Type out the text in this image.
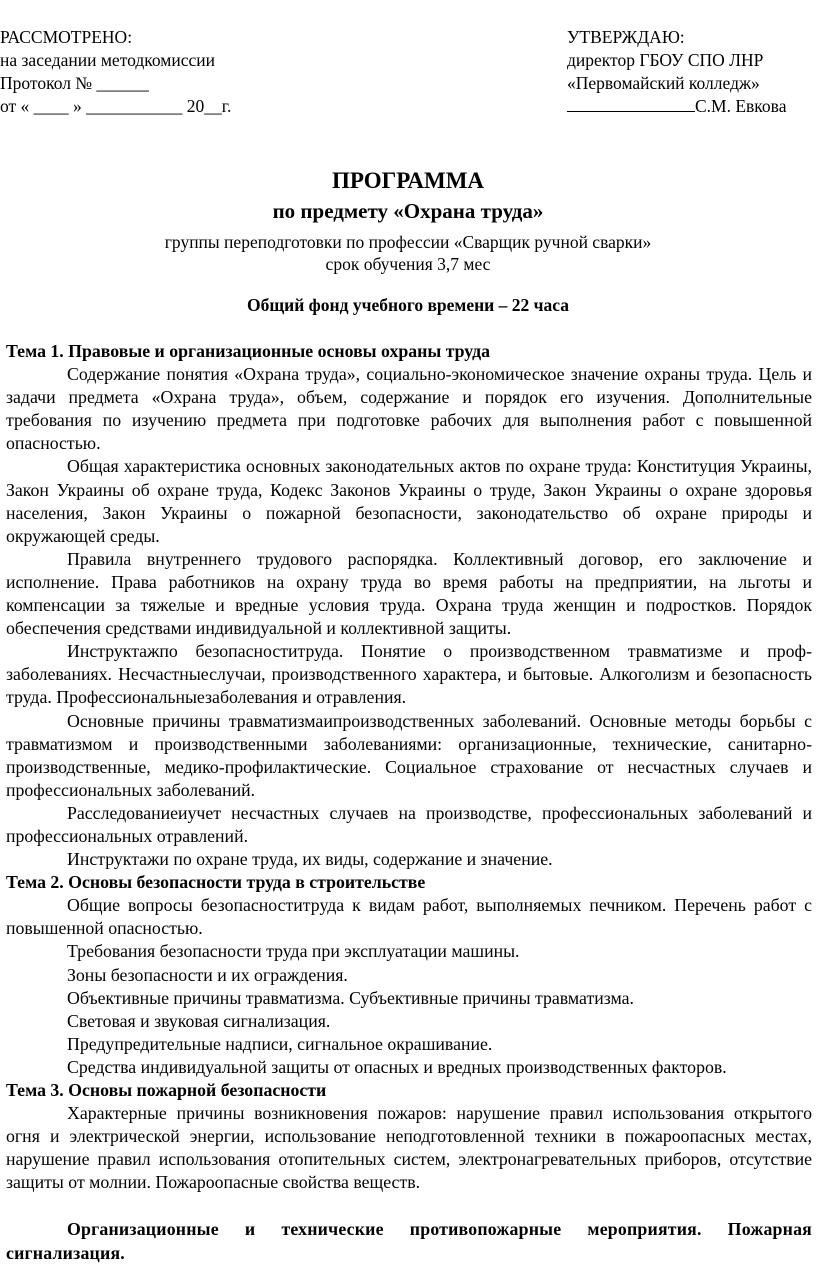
РАССМОТРЕНО:
на заседании методкомиссии
Протокол № ______
от « ____ » ___________ 20__г.
УТВЕРЖДАЮ:
директор ГБОУ СПО ЛНР
«Первомайский колледж»
С.М. Евкова
ПРОГРАММА
по предмету «Охрана труда»
группы переподготовки по профессии «Сварщик ручной сварки»
срок обучения 3,7 мес
Общий фонд учебного времени – 22 часа

Тема 1. Правовые и организационные основы охраны труда

Содержание понятия «Охрана труда», социально-экономическое значение охраны труда. Цель и задачи предмета «Охрана труда», объем, содержание и порядок его изучения. Дополнительные требования по изучению предмета при подготовке рабочих для выполнения работ с повышенной опасностью.

Общая характеристика основных законодательных актов по охране труда: Конституция Украины, Закон Украины об охране труда, Кодекс Законов Украины о труде, Закон Украины о охране здоровья населения, Закон Украины о пожарной безопасности, законодательство об охране природы и окружающей среды.

Правила внутреннего трудового распорядка. Коллективный договор, его заключение и исполнение. Права работников на охрану труда во время работы на предприятии, на льготы и компенсации за тяжелые и вредные условия труда. Охрана труда женщин и подростков. Порядок обеспечения средствами индивидуальной и коллективной защиты.

Инструктажпо безопасноститруда. Понятие о производственном травматизме и проф-заболеваниях. Несчастныеслучаи, производственного характера, и бытовые. Алкоголизм и безопасность труда. Профессиональныезаболевания и отравления.

Основные причины травматизмаипроизводственных заболеваний. Основные методы борьбы с травматизмом и производственными заболеваниями: организационные, технические, санитарно-производственные, медико-профилактические. Социальное страхование от несчастных случаев и профессиональных заболеваний.

Расследованиеиучет несчастных случаев на производстве, профессиональных заболеваний и профессиональных отравлений.

Инструктажи по охране труда, их виды, содержание и значение.

Тема 2. Основы безопасности труда в строительстве

Общие вопросы безопасноститруда к видам работ, выполняемых печником. Перечень работ с повышенной опасностью.

Требования безопасности труда при эксплуатации машины.

Зоны безопасности и их ограждения.

Объективные причины травматизма. Субъективные причины травматизма.

Световая и звуковая сигнализация.

Предупредительные надписи, сигнальное окрашивание.

Средства индивидуальной защиты от опасных и вредных производственных факторов.

Тема 3. Основы пожарной безопасности

Характерные причины возникновения пожаров: нарушение правил использования открытого огня и электрической энергии, использование неподготовленной техники в пожароопасных местах, нарушение правил использования отопительных систем, электронагревательных приборов, отсутствие защиты от молнии. Пожароопасные свойства веществ.

Организационные и технические противопожарные мероприятия. Пожарная сигнализация.
